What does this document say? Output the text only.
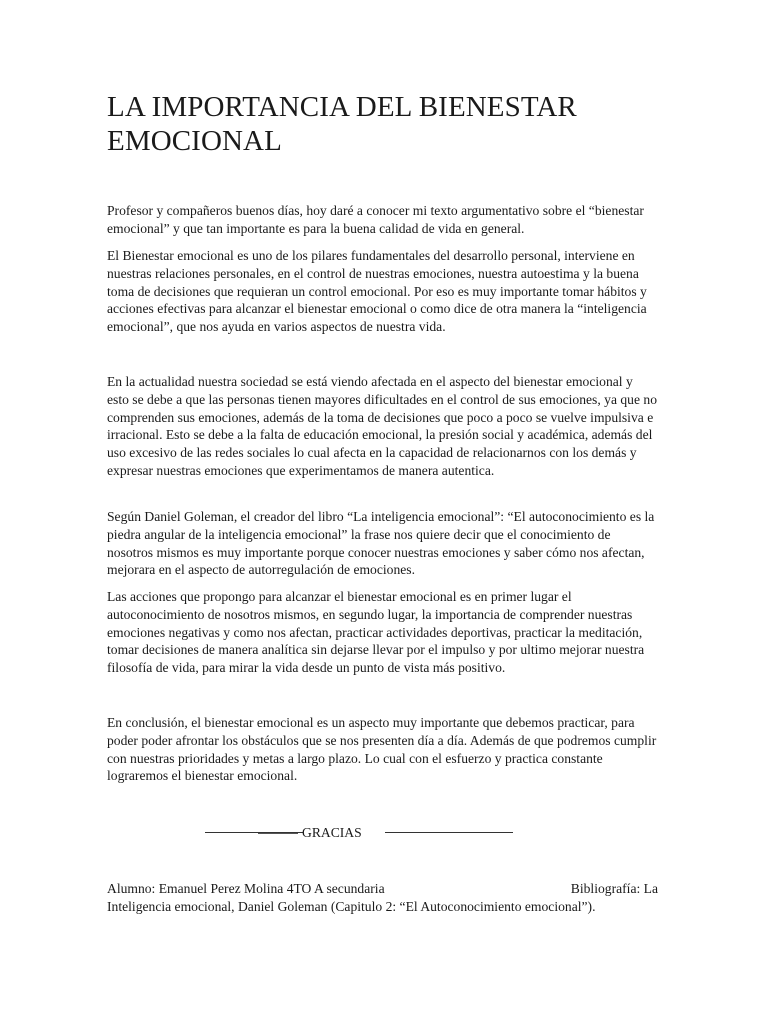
LA IMPORTANCIA DEL BIENESTAR EMOCIONAL

Profesor y compañeros buenos días, hoy daré a conocer mi texto argumentativo sobre el “bienestar emocional” y que tan importante es para la buena calidad de vida en general.

El Bienestar emocional es uno de los pilares fundamentales del desarrollo personal, interviene en nuestras relaciones personales, en el control de nuestras emociones, nuestra autoestima y la buena toma de decisiones que requieran un control emocional. Por eso es muy importante tomar hábitos y acciones efectivas para alcanzar el bienestar emocional o como dice de otra manera la “inteligencia emocional”, que nos ayuda en varios aspectos de nuestra vida.

En la actualidad nuestra sociedad se está viendo afectada en el aspecto del bienestar emocional y esto se debe a que las personas tienen mayores dificultades en el control de sus emociones, ya que no comprenden sus emociones, además de la toma de decisiones que poco a poco se vuelve impulsiva e irracional. Esto se debe a la falta de educación emocional, la presión social y académica, además del uso excesivo de las redes sociales lo cual afecta en la capacidad de relacionarnos con los demás y expresar nuestras emociones que experimentamos de manera autentica.

Según Daniel Goleman, el creador del libro “La inteligencia emocional”: “El autoconocimiento es la piedra angular de la inteligencia emocional” la frase nos quiere decir que el conocimiento de nosotros mismos es muy importante porque conocer nuestras emociones y saber cómo nos afectan, mejorara en el aspecto de autorregulación de emociones.

Las acciones que propongo para alcanzar el bienestar emocional es en primer lugar el autoconocimiento de nosotros mismos, en segundo lugar, la importancia de comprender nuestras emociones negativas y como nos afectan, practicar actividades deportivas, practicar la meditación, tomar decisiones de manera analítica sin dejarse llevar por el impulso y por ultimo mejorar nuestra filosofía de vida, para mirar la vida desde un punto de vista más positivo.

En conclusión, el bienestar emocional es un aspecto muy importante que debemos practicar, para poder poder afrontar los obstáculos que se nos presenten día a día. Además de que podremos cumplir con nuestras prioridades y metas a largo plazo. Lo cual con el esfuerzo y practica constante lograremos el bienestar emocional.

GRACIAS

Alumno: Emanuel Perez Molina 4TO A secundaria	Bibliografía: La
Inteligencia emocional, Daniel Goleman (Capitulo 2: “El Autoconocimiento emocional”).
